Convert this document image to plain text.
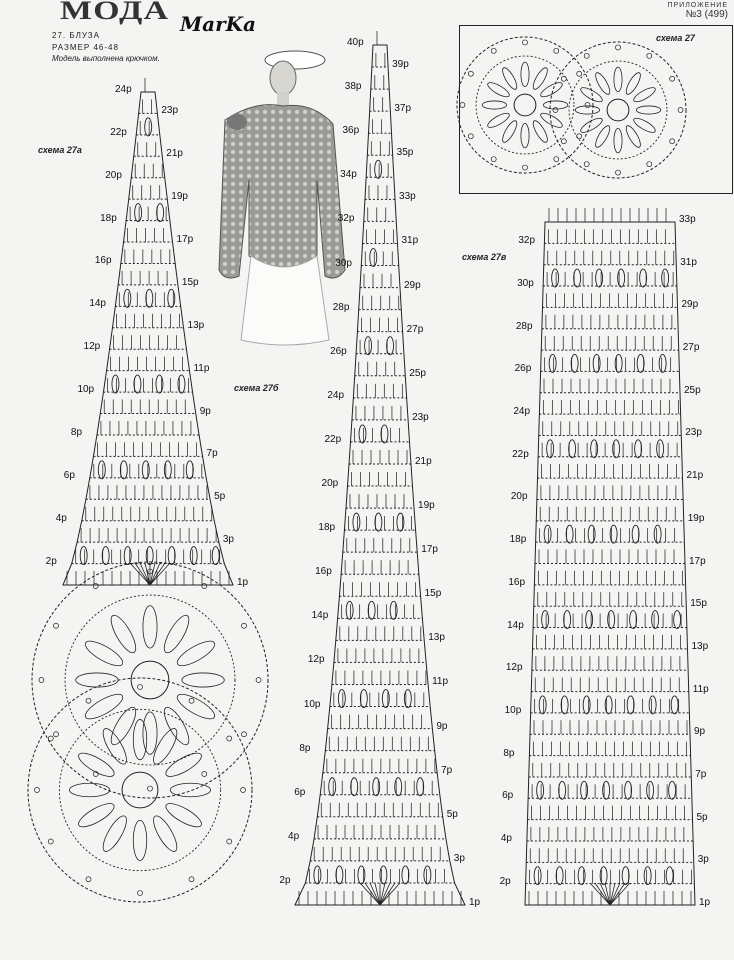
МОДА MarKa
ПРИЛОЖЕНИЕ
№3 (499)
27. БЛУЗА
РАЗМЕР 46-48
Модель выполнена крючком.
1р
2р
3р
4р
5р
6р
7р
8р
9р
10р
11р
12р
13р
14р
15р
16р
17р
18р
19р
20р
21р
22р
23р
24р
1р
2р
3р
4р
5р
6р
7р
8р
9р
10р
11р
12р
13р
14р
15р
16р
17р
18р
19р
20р
21р
22р
23р
24р
25р
26р
27р
28р
29р
30р
31р
32р
33р
34р
35р
36р
37р
38р
39р
40р
1р
2р
3р
4р
5р
6р
7р
8р
9р
10р
11р
12р
13р
14р
15р
16р
17р
18р
19р
20р
21р
22р
23р
24р
25р
26р
27р
28р
29р
30р
31р
32р
33р
схема 27а
схема 27б
схема 27в
схема 27
